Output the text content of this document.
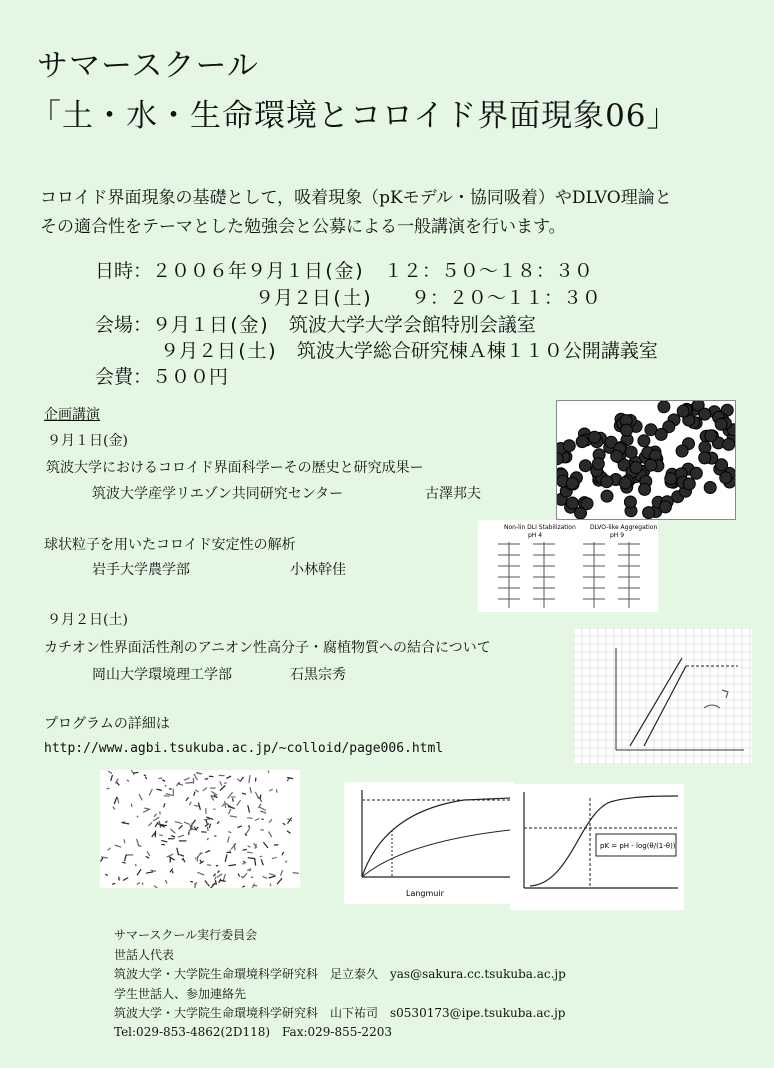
サマースクール
「土・水・生命環境とコロイド界面現象06」
コロイド界面現象の基礎として，吸着現象（pKモデル・協同吸着）やDLVO理論と
その適合性をテーマとした勉強会と公募による一般講演を行います。
日時：２００６年９月１日(金)　１２：５０～１８：３０
９月２日(土)　　９：２０～１１：３０
会場：９月１日(金)　筑波大学大学会館特別会議室
９月２日(土)　筑波大学総合研究棟Ａ棟１１０公開講義室
会費：５００円
企画講演
９月１日(金)
筑波大学におけるコロイド界面科学ーその歴史と研究成果ー
筑波大学産学リエゾン共同研究センター	古澤邦夫
球状粒子を用いたコロイド安定性の解析
岩手大学農学部	小林幹佳
９月２日(土)
カチオン性界面活性剤のアニオン性高分子・腐植物質への結合について
岡山大学環境理工学部	石黒宗秀
プログラムの詳細は
http://www.agbi.tsukuba.ac.jp/~colloid/page006.html
Non-lin DLI Stabilization
pH 4
DLVO-like Aggregation
pH 9
Langmuir
pK = pH - log(θ/(1-θ))
サマースクール実行委員会
世話人代表
筑波大学・大学院生命環境科学研究科　足立泰久　yas@sakura.cc.tsukuba.ac.jp
学生世話人、参加連絡先
筑波大学・大学院生命環境科学研究科　山下祐司　s0530173@ipe.tsukuba.ac.jp
Tel:029-853-4862(2D118)　Fax:029-855-2203
